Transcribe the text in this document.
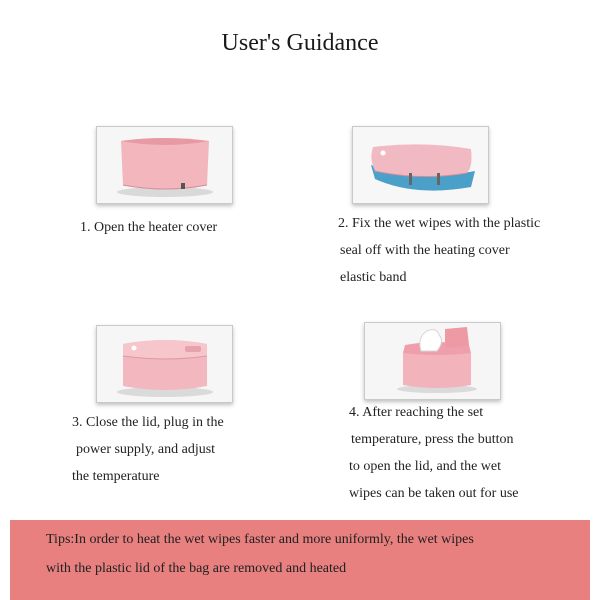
User's Guidance
1. Open the heater cover	2. Fix the wet wipes with the plastic
seal off with the heating cover
elastic band
3. Close the lid, plug in the
power supply, and adjust
the temperature
4. After reaching the set
temperature, press the button
to open the lid, and the wet
wipes can be taken out for use
Tips:In order to heat the wet wipes faster and more uniformly, the wet wipes
with the plastic lid of the bag are removed and heated
